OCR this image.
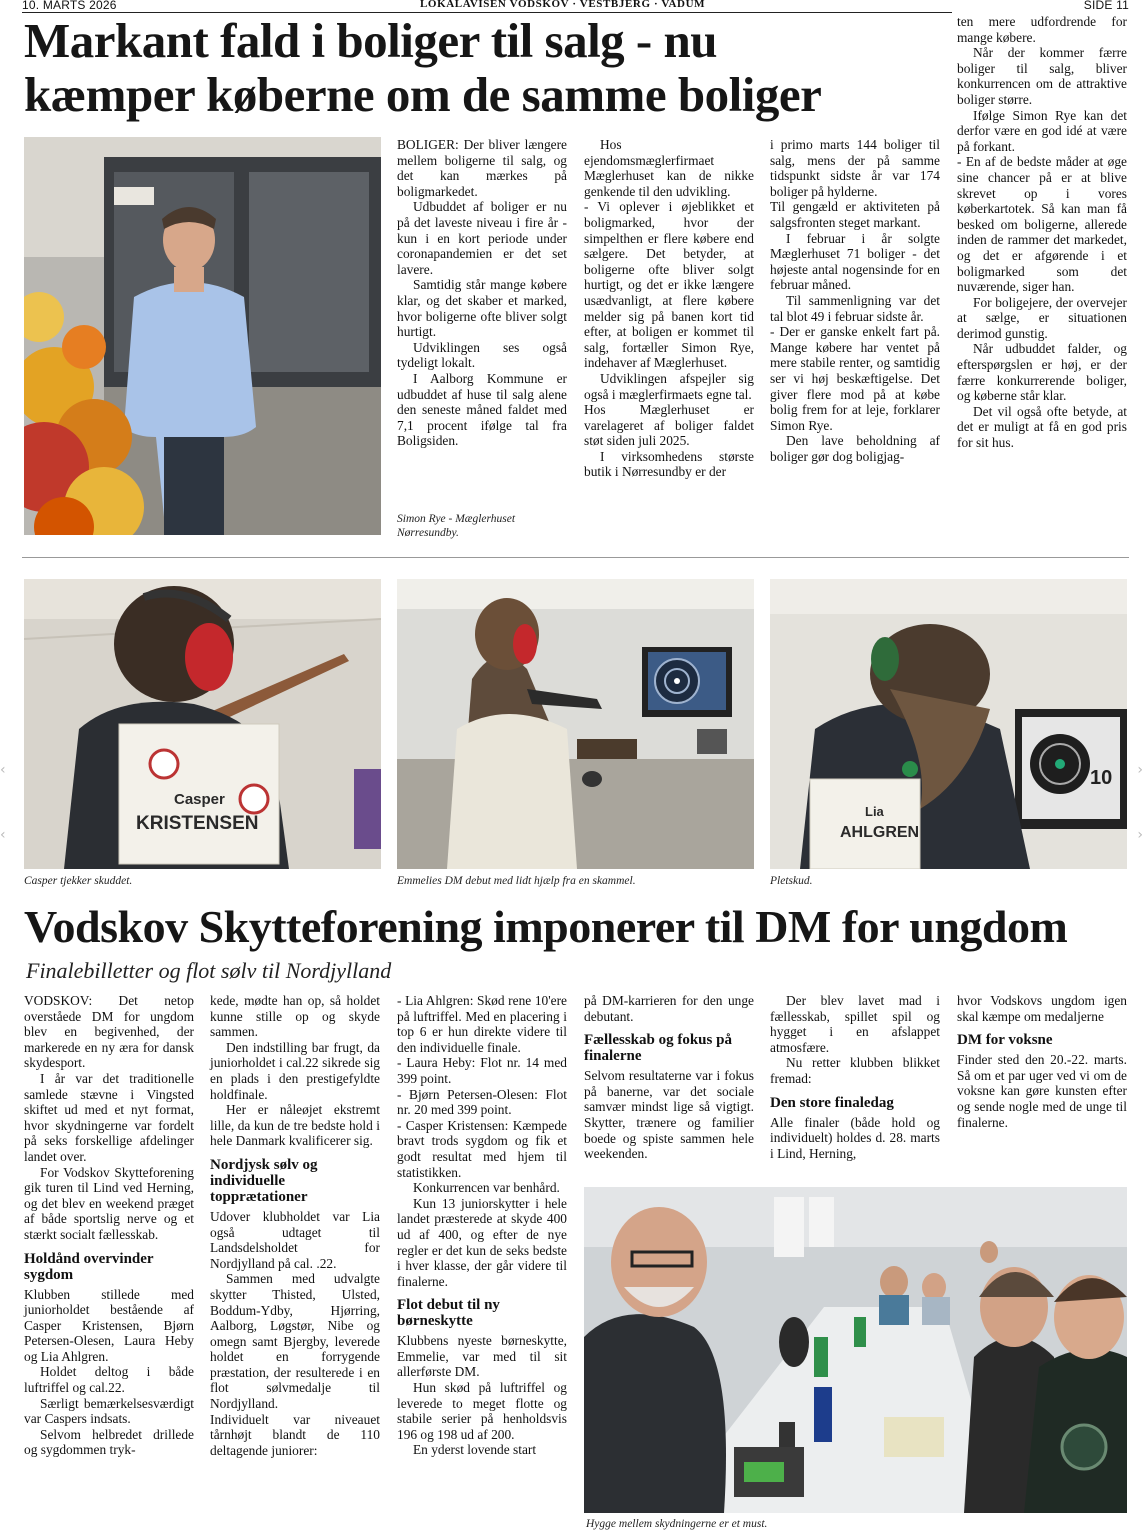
10. MARTS 2026	LOKALAVISEN VODSKOV · VESTBJERG · VADUM	SIDE 11
Markant fald i boliger til salg - nu
kæmper køberne om de samme boliger

BOLIGER: Der bliver længere mellem boligerne til salg, og det kan mærkes på boligmarkedet.

Udbuddet af boliger er nu på det laveste niveau i fire år - kun i en kort periode under coronapandemien er det set lavere.

Samtidig står mange købere klar, og det skaber et marked, hvor boligerne ofte bliver solgt hurtigt.

Udviklingen ses også tydeligt lokalt.

I Aalborg Kommune er udbuddet af huse til salg alene den seneste måned faldet med 7,1 procent ifølge tal fra Boligsiden.

Simon Rye - Mæglerhuset
Nørresundby.

Hos ejendomsmæglerfirmaet Mæglerhuset kan de nikke genkende til den udvikling.

- Vi oplever i øjeblikket et boligmarked, hvor der simpelthen er flere købere end sælgere. Det betyder, at boligerne ofte bliver solgt hurtigt, og det er ikke længere usædvanligt, at flere købere melder sig på banen kort tid efter, at boligen er kommet til salg, fortæller Simon Rye, indehaver af Mæglerhuset.

Udviklingen afspejler sig også i mæglerfirmaets egne tal.

Hos Mæglerhuset er varelageret af boliger faldet støt siden juli 2025.

I virksomhedens største butik i Nørresundby er der

i primo marts 144 boliger til salg, mens der på samme tidspunkt sidste år var 174 boliger på hylderne.

Til gengæld er aktiviteten på salgsfronten steget markant.

I februar i år solgte Mæglerhuset 71 boliger - det højeste antal nogensinde for en februar måned.

Til sammenligning var det tal blot 49 i februar sidste år.

- Der er ganske enkelt fart på. Mange købere har ventet på mere stabile renter, og samtidig ser vi høj beskæftigelse. Det giver flere mod på at købe bolig frem for at leje, forklarer Simon Rye.

Den lave beholdning af boliger gør dog boligjag-

ten mere udfordrende for mange købere.

Når der kommer færre boliger til salg, bliver konkurrencen om de attraktive boliger større.

Ifølge Simon Rye kan det derfor være en god idé at være på forkant.

- En af de bedste måder at øge sine chancer på er at blive skrevet op i vores køberkartotek. Så kan man få besked om boligerne, allerede inden de rammer det markedet, og det er afgørende i et boligmarked som det nuværende, siger han.

For boligejere, der overvejer at sælge, er situationen derimod gunstig.

Når udbuddet falder, og efterspørgslen er høj, er der færre konkurrerende boliger, og køberne står klar.

Det vil også ofte betyde, at det er muligt at få en god pris for sit hus.

Casper
KRISTENSEN
Casper tjekker skuddet.	Emmelies DM debut med lidt hjælp fra en skammel.
10
Lia
AHLGREN
Pletskud.
‹
‹
›
›
Vodskov Skytteforening imponerer til DM for ungdom
Finalebilletter og flot sølv til Nordjylland

VODSKOV: Det netop overståede DM for ungdom blev en begivenhed, der markerede en ny æra for dansk skydesport.

I år var det traditionelle samlede stævne i Vingsted skiftet ud med et nyt format, hvor skydningerne var fordelt på seks forskellige afdelinger landet over.

For Vodskov Skytteforening gik turen til Lind ved Herning, og det blev en weekend præget af både sportslig nerve og et stærkt socialt fællesskab.

Holdånd overvinder sygdom

Klubben stillede med juniorholdet bestående af Casper Kristensen, Bjørn Petersen-Olesen, Laura Heby og Lia Ahlgren.

Holdet deltog i både luftriffel og cal.22.

Særligt bemærkelsesværdigt var Caspers indsats.

Selvom helbredet drillede og sygdommen tryk-

kede, mødte han op, så holdet kunne stille op og skyde sammen.

Den indstilling bar frugt, da juniorholdet i cal.22 sikrede sig en plads i den prestigefyldte holdfinale.

Her er nåleøjet ekstremt lille, da kun de tre bedste hold i hele Danmark kvalificerer sig.

Nordjysk sølv og individuelle topprætationer

Udover klubholdet var Lia også udtaget til Landsdelsholdet for Nordjylland på cal. .22.

Sammen med udvalgte skytter Thisted, Ulsted, Boddum-Ydby, Hjørring, Aalborg, Løgstør, Nibe og omegn samt Bjergby, leverede holdet en forrygende præstation, der resulterede i en flot sølvmedalje til Nordjylland.

Individuelt var niveauet tårnhøjt blandt de 110 deltagende juniorer:

- Lia Ahlgren: Skød rene 10'ere på luftriffel. Med en placering i top 6 er hun direkte videre til den individuelle finale.

- Laura Heby: Flot nr. 14 med 399 point.

- Bjørn Petersen-Olesen: Flot nr. 20 med 399 point.

- Casper Kristensen: Kæmpede bravt trods sygdom og fik et godt resultat med hjem til statistikken.

Konkurrencen var benhård.

Kun 13 juniorskytter i hele landet præsterede at skyde 400 ud af 400, og efter de nye regler er det kun de seks bedste i hver klasse, der går videre til finalerne.

Flot debut til ny børneskytte

Klubbens nyeste børneskytte, Emmelie, var med til sit allerførste DM.

Hun skød på luftriffel og leverede to meget flotte og stabile serier på henholdsvis 196 og 198 ud af 200.

En yderst lovende start

på DM-karrieren for den unge debutant.

Fællesskab og fokus på finalerne

Selvom resultaterne var i fokus på banerne, var det sociale samvær mindst lige så vigtigt. Skytter, trænere og familier boede og spiste sammen hele weekenden.

Der blev lavet mad i fællesskab, spillet spil og hygget i en afslappet atmosfære.

Nu retter klubben blikket fremad:

Den store finaledag

Alle finaler (både hold og individuelt) holdes d. 28. marts i Lind, Herning,

hvor Vodskovs ungdom igen skal kæmpe om medaljerne

DM for voksne

Finder sted den 20.-22. marts. Så om et par uger ved vi om de voksne kan gøre kunsten efter og sende nogle med de unge til finalerne.

Hygge mellem skydningerne er et must.
